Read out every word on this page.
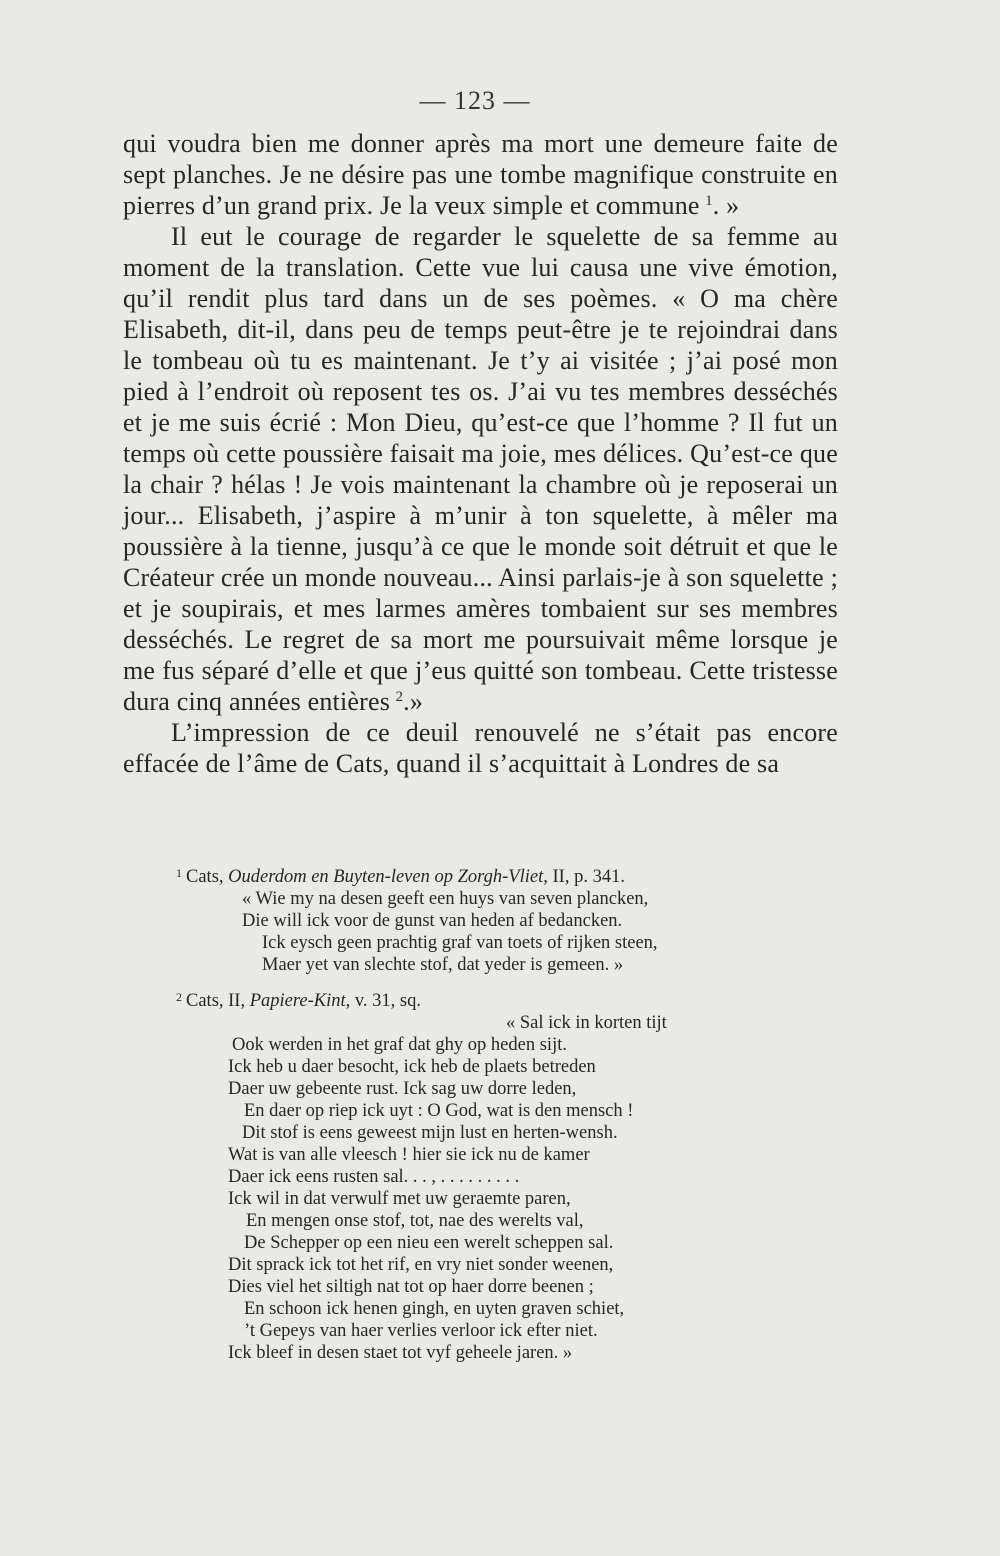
— 123 —

qui voudra bien me donner après ma mort une demeure faite de sept planches. Je ne désire pas une tombe magnifique construite en pierres d’un grand prix. Je la veux simple et commune  $^1$. »

Il eut le courage de regarder le squelette de sa femme au moment de la translation. Cette vue lui causa une vive émotion, qu’il rendit plus tard dans un de ses poèmes. « O ma chère Elisabeth, dit-il, dans peu de temps peut-être je te rejoindrai dans le tombeau où tu es maintenant. Je t’y ai visitée ; j’ai posé mon pied à l’endroit où reposent tes os. J’ai vu tes membres desséchés et je me suis écrié : Mon Dieu, qu’est-ce que l’homme ? Il fut un temps où cette poussière faisait ma joie, mes délices. Qu’est-ce que la chair ? hélas ! Je vois maintenant la chambre où je reposerai un jour... Elisabeth, j’aspire à m’unir à ton squelette, à mêler ma poussière à la tienne, jusqu’à ce que le monde soit détruit et que le Créateur crée un monde nouveau... Ainsi parlais-je à son squelette ; et je soupirais, et mes larmes amères tombaient sur ses membres desséchés. Le regret de sa mort me poursuivait même lorsque je me fus séparé d’elle et que j’eus quitté son tombeau. Cette tristesse dura cinq années entières  $^2$.»

L’impression de ce deuil renouvelé ne s’était pas encore effacée de l’âme de Cats, quand il s’acquittait à Londres de sa

$^1$ Cats, Ouderdom en Buyten-leven op Zorgh-Vliet, II, p. 341.

« Wie my na desen geeft een huys van seven plancken,
Die will ick voor de gunst van heden af bedancken.
Ick eysch geen prachtig graf van toets of rijken steen,
Maer yet van slechte stof, dat yeder is gemeen. »

$^2$ Cats, II, Papiere-Kint, v. 31, sq.

« Sal ick in korten tijt
Ook werden in het graf dat ghy op heden sijt.
Ick heb u daer besocht, ick heb de plaets betreden
Daer uw gebeente rust. Ick sag uw dorre leden,
En daer op riep ick uyt : O God, wat is den mensch !
Dit stof is eens geweest mijn lust en herten-wensh.
Wat is van alle vleesch ! hier sie ick nu de kamer
Daer ick eens rusten sal. . . , . . . . . . . . .
Ick wil in dat verwulf met uw geraemte paren,
En mengen onse stof, tot, nae des werelts val,
De Schepper op een nieu een werelt scheppen sal.
Dit sprack ick tot het rif, en vry niet sonder weenen,
Dies viel het siltigh nat tot op haer dorre beenen ;
En schoon ick henen gingh, en uyten graven schiet,
’t Gepeys van haer verlies verloor ick efter niet.
Ick bleef in desen staet tot vyf geheele jaren. »
